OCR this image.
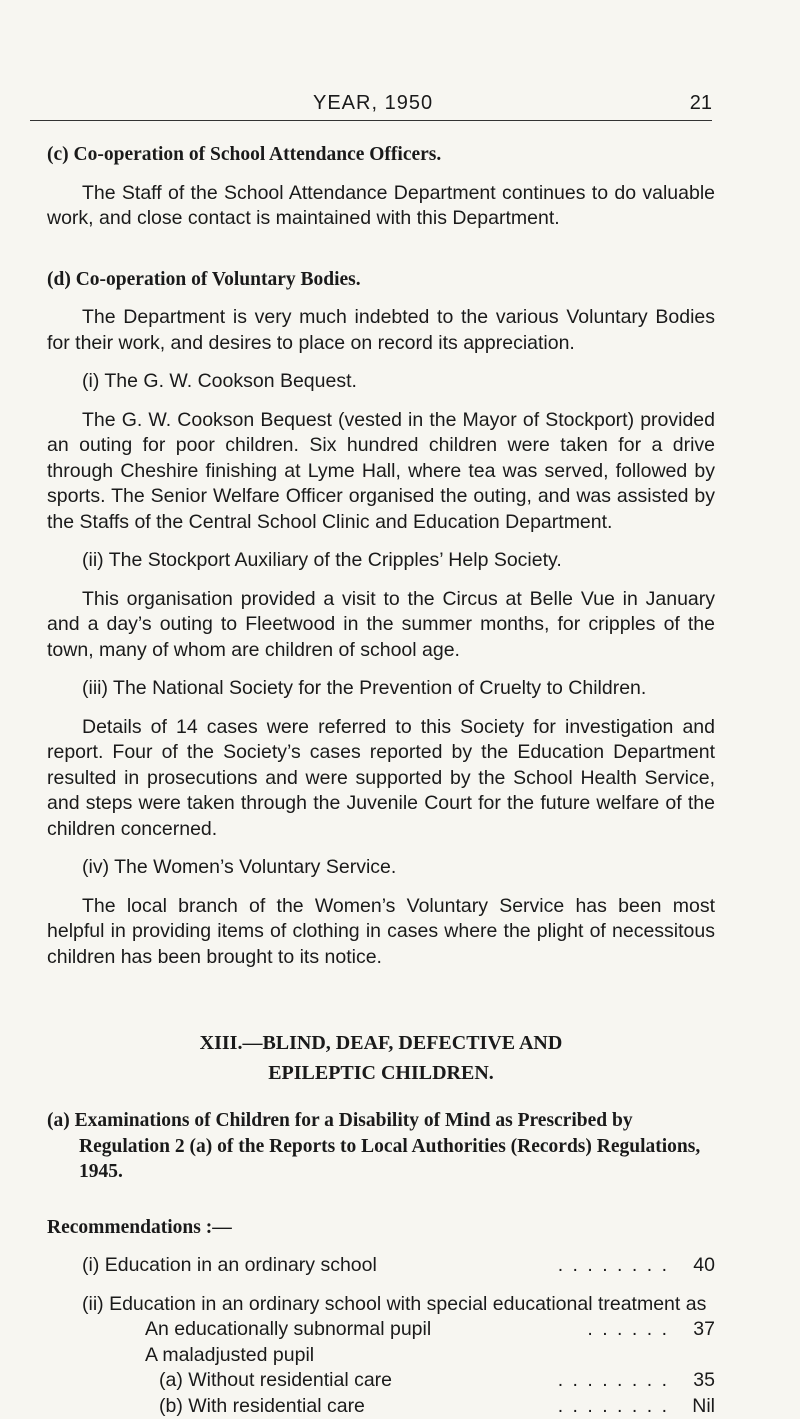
YEAR, 1950	21

(c) Co-operation of School Attendance Officers.

The Staff of the School Attendance Department continues to do valuable work, and close contact is maintained with this Department.

(d) Co-operation of Voluntary Bodies.

The Department is very much indebted to the various Voluntary Bodies for their work, and desires to place on record its appreciation.

(i) The G. W. Cookson Bequest.

The G. W. Cookson Bequest (vested in the Mayor of Stockport) provided an outing for poor children. Six hundred children were taken for a drive through Cheshire finishing at Lyme Hall, where tea was served, followed by sports. The Senior Welfare Officer organised the outing, and was assisted by the Staffs of the Central School Clinic and Education Department.

(ii) The Stockport Auxiliary of the Cripples’ Help Society.

This organisation provided a visit to the Circus at Belle Vue in January and a day’s outing to Fleetwood in the summer months, for cripples of the town, many of whom are children of school age.

(iii) The National Society for the Prevention of Cruelty to Children.

Details of 14 cases were referred to this Society for investigation and report. Four of the Society’s cases reported by the Education Department resulted in prosecutions and were supported by the School Health Service, and steps were taken through the Juvenile Court for the future welfare of the children concerned.

(iv) The Women’s Voluntary Service.

The local branch of the Women’s Voluntary Service has been most helpful in providing items of clothing in cases where the plight of necessitous children has been brought to its notice.

XIII.—BLIND, DEAF, DEFECTIVE AND

EPILEPTIC CHILDREN.

(a) Examinations of Children for a Disability of Mind as Prescribed by Regulation 2 (a) of the Reports to Local Authorities (Records) Regulations, 1945.

Recommendations :—

(i) Education in an ordinary school	. . . . . . . .	40

(ii) Education in an ordinary school with special educational treatment as

An educationally subnormal pupil	. . . . . .	37

A maladjusted pupil

(a) Without residential care	. . . . . . . .	35
(b) With residential care	. . . . . . . .	Nil
